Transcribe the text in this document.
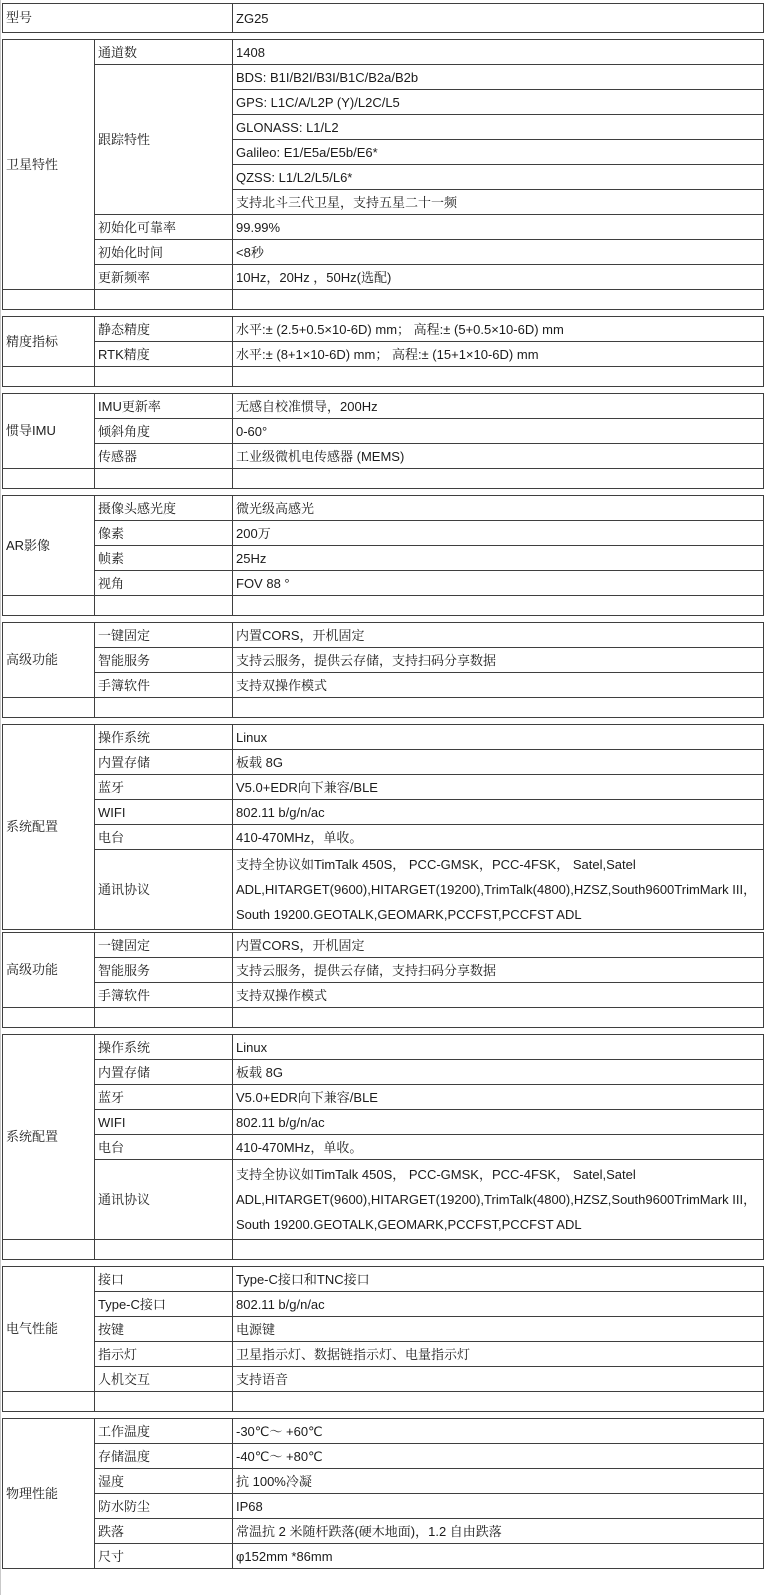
型号	ZG25
卫星特性	通道数	1408
	跟踪特性	BDS: B1I/B2I/B3I/B1C/B2a/B2b
		GPS: L1C/A/L2P (Y)/L2C/L5
		GLONASS: L1/L2
		Galileo: E1/E5a/E5b/E6*
		QZSS: L1/L2/L5/L6*
		支持北斗三代卫星，支持五星二十一频
	初始化可靠率	99.99%
	初始化时间	<8秒
	更新频率	10Hz，20Hz ，50Hz(选配)

精度指标	静态精度	水平:± (2.5+0.5×10-6D) mm； 高程:± (5+0.5×10-6D) mm
	RTK精度	水平:± (8+1×10-6D) mm； 高程:± (15+1×10-6D) mm

惯导IMU	IMU更新率	无感自校准惯导，200Hz
	倾斜角度	0-60°
	传感器	工业级微机电传感器 (MEMS)

AR影像	摄像头感光度	微光级高感光
	像素	200万
	帧素	25Hz
	视角	FOV 88 °

高级功能	一键固定	内置CORS，开机固定
	智能服务	支持云服务，提供云存储，支持扫码分享数据
	手簿软件	支持双操作模式

系统配置	操作系统	Linux
	内置存储	板载 8G
	蓝牙	V5.0+EDR向下兼容/BLE
	WIFI	802.11 b/g/n/ac
	电台	410-470MHz，单收。
	通讯协议	支持全协议如TimTalk 450S， PCC-GMSK，PCC-4FSK， Satel,Satel ADL,HITARGET(9600),HITARGET(19200),TrimTalk(4800),HZSZ,South9600TrimMark III，South 19200.GEOTALK,GEOMARK,PCCFST,PCCFST ADL
高级功能	一键固定	内置CORS，开机固定
	智能服务	支持云服务，提供云存储，支持扫码分享数据
	手簿软件	支持双操作模式

系统配置	操作系统	Linux
	内置存储	板载 8G
	蓝牙	V5.0+EDR向下兼容/BLE
	WIFI	802.11 b/g/n/ac
	电台	410-470MHz，单收。
	通讯协议	支持全协议如TimTalk 450S， PCC-GMSK，PCC-4FSK， Satel,Satel ADL,HITARGET(9600),HITARGET(19200),TrimTalk(4800),HZSZ,South9600TrimMark III，South 19200.GEOTALK,GEOMARK,PCCFST,PCCFST ADL

电气性能	接口	Type-C接口和TNC接口
	Type-C接口	802.11 b/g/n/ac
	按键	电源键
	指示灯	卫星指示灯、数据链指示灯、电量指示灯
	人机交互	支持语音

物理性能	工作温度	-30℃～ +60℃
	存储温度	-40℃～ +80℃
	湿度	抗 100%冷凝
	防水防尘	IP68
	跌落	常温抗 2 米随杆跌落(硬木地面)，1.2 自由跌落
	尺寸	φ152mm *86mm
